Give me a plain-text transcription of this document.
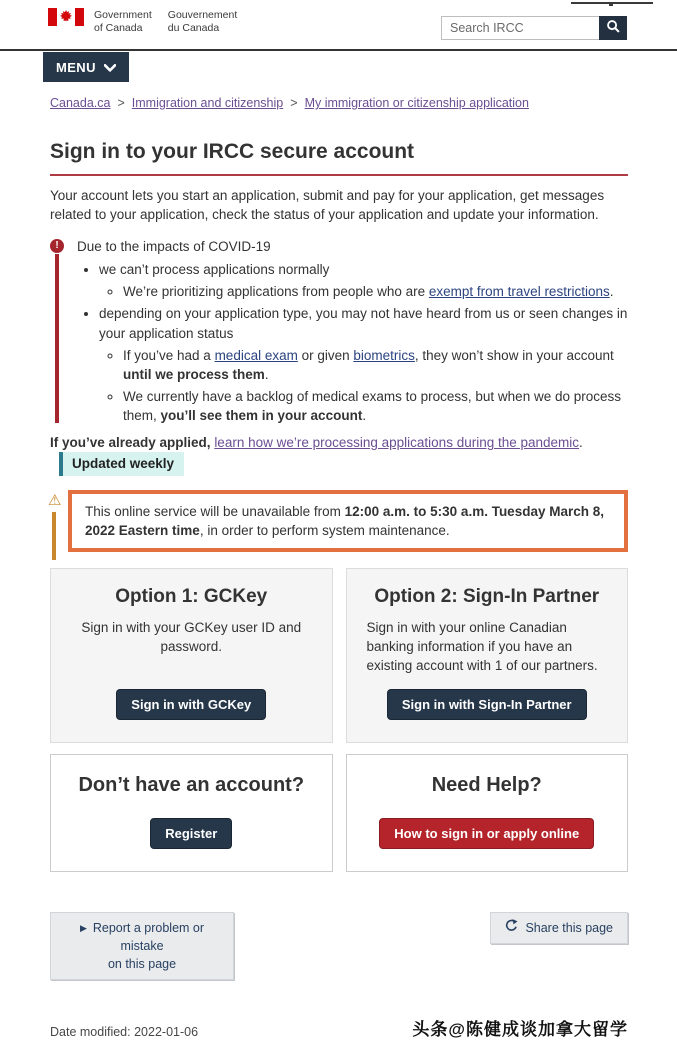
Government
of Canada
Gouvernement
du Canada
Search IRCC
MENU
Canada.ca > Immigration and citizenship > My immigration or citizenship application
Sign in to your IRCC secure account

Your account lets you start an application, submit and pay for your application, get messages related to your application, check the status of your application and update your information.

!

Due to the impacts of COVID-19

• we can’t process applications normally
◦ We’re prioritizing applications from people who are exempt from travel restrictions.
• depending on your application type, you may not have heard from us or seen changes in your application status
◦ If you’ve had a medical exam or given biometrics, they won’t show in your account until we process them.
◦ We currently have a backlog of medical exams to process, but when we do process them, you’ll see them in your account.

If you’ve already applied, learn how we’re processing applications during the pandemic.Updated weekly

⚠
This online service will be unavailable from 12:00 a.m. to 5:30 a.m. Tuesday March 8, 2022 Eastern time, in order to perform system maintenance.
Option 1: GCKey

Sign in with your GCKey user ID and password.

Sign in with GCKey
Option 2: Sign-In Partner

Sign in with your online Canadian banking information if you have an existing account with 1 of our partners.

Sign in with Sign-In Partner
Don’t have an account?
Register
Need Help?
How to sign in or apply online
▶ Report a problem or mistake
on this page
Share this page
Date modified: 2022-01-06	头条@陈健成谈加拿大留学
